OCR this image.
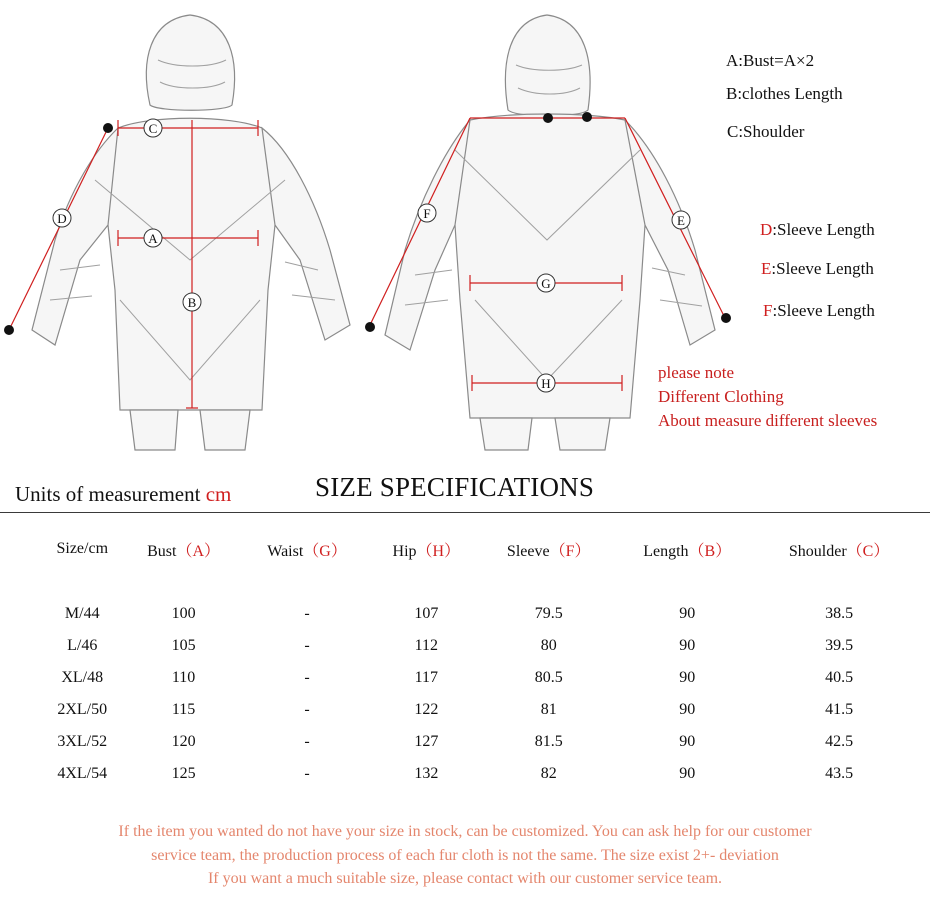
C
A
D
B
F	E
G
H
A:Bust=A×2
B:clothes Length
C:Shoulder
D:Sleeve Length
E:Sleeve Length
F:Sleeve Length
please note
Different Clothing
About measure different sleeves
Units of measurement cm	SIZE SPECIFICATIONS
Size/cm	Bust（A）	Waist（G）	Hip（H）	Sleeve（F）	Length（B）	Shoulder（C）

M/44	100	-	107	79.5	90	38.5
L/46	105	-	112	80	90	39.5
XL/48	110	-	117	80.5	90	40.5
2XL/50	115	-	122	81	90	41.5
3XL/52	120	-	127	81.5	90	42.5
4XL/54	125	-	132	82	90	43.5
If the item you wanted do not have your size in stock, can be customized. You can ask help for our customer
service team, the production process of each fur cloth is not the same. The size exist 2+- deviation
If you want a much suitable size, please contact with our customer service team.
